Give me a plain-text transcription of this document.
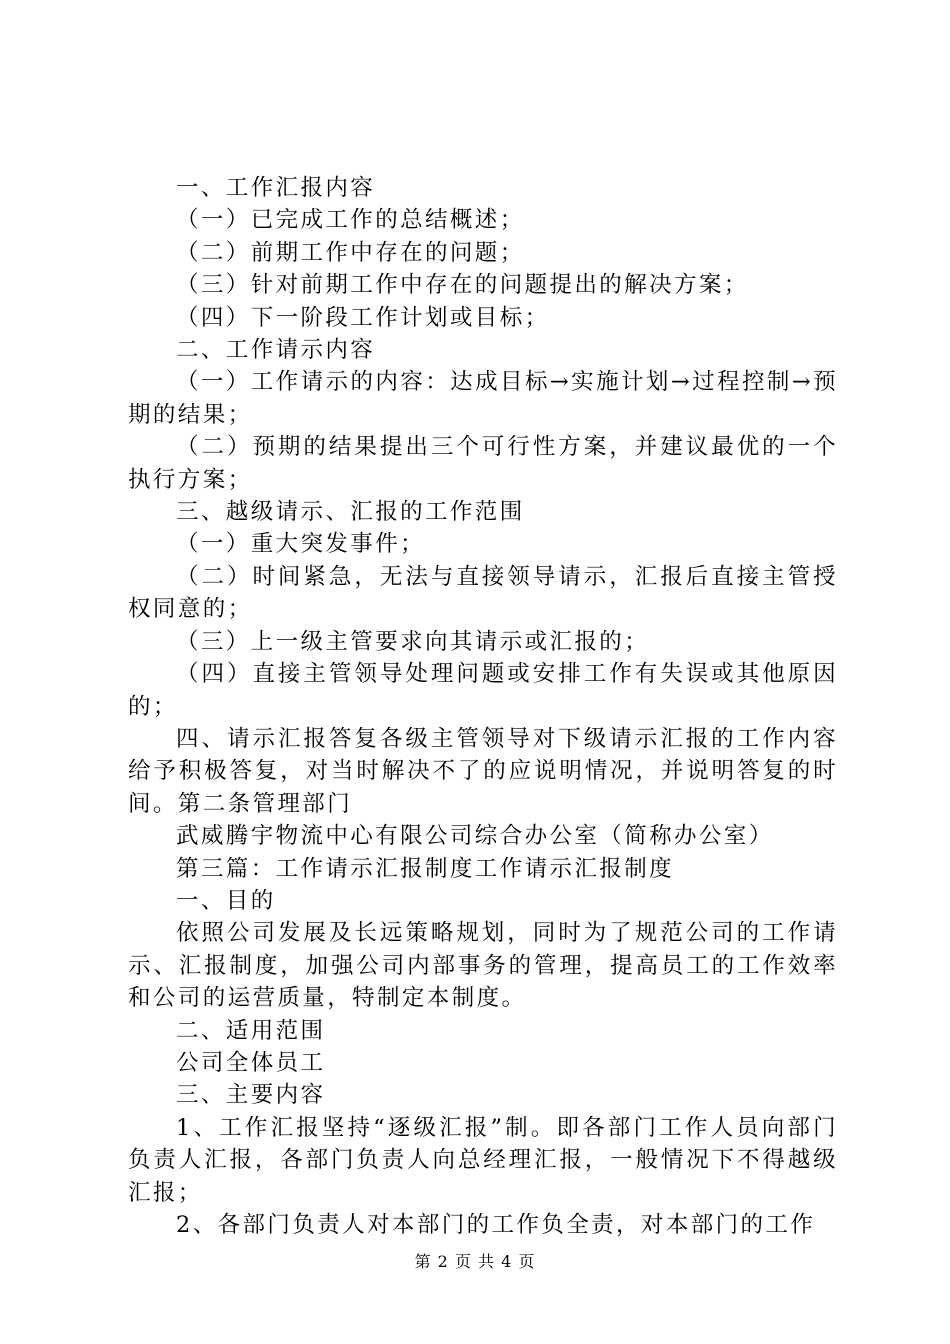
一、工作汇报内容

（一）已完成工作的总结概述；

（二）前期工作中存在的问题；

（三）针对前期工作中存在的问题提出的解决方案；

（四）下一阶段工作计划或目标；

二、工作请示内容

（一）工作请示的内容：达成目标→实施计划→过程控制→预期的结果；

（二）预期的结果提出三个可行性方案，并建议最优的一个执行方案；

三、越级请示、汇报的工作范围

（一）重大突发事件；

（二）时间紧急，无法与直接领导请示，汇报后直接主管授权同意的；

（三）上一级主管要求向其请示或汇报的；

（四）直接主管领导处理问题或安排工作有失误或其他原因的；

四、请示汇报答复各级主管领导对下级请示汇报的工作内容给予积极答复，对当时解决不了的应说明情况，并说明答复的时间。第二条管理部门

武威腾宇物流中心有限公司综合办公室（简称办公室）

第三篇：工作请示汇报制度工作请示汇报制度

一、目的

依照公司发展及长远策略规划，同时为了规范公司的工作请示、汇报制度，加强公司内部事务的管理，提高员工的工作效率和公司的运营质量，特制定本制度。

二、适用范围

公司全体员工

三、主要内容

1、工作汇报坚持“逐级汇报”制。即各部门工作人员向部门负责人汇报，各部门负责人向总经理汇报，一般情况下不得越级汇报；

2、各部门负责人对本部门的工作负全责，对本部门的工作

第 2 页 共 4 页
